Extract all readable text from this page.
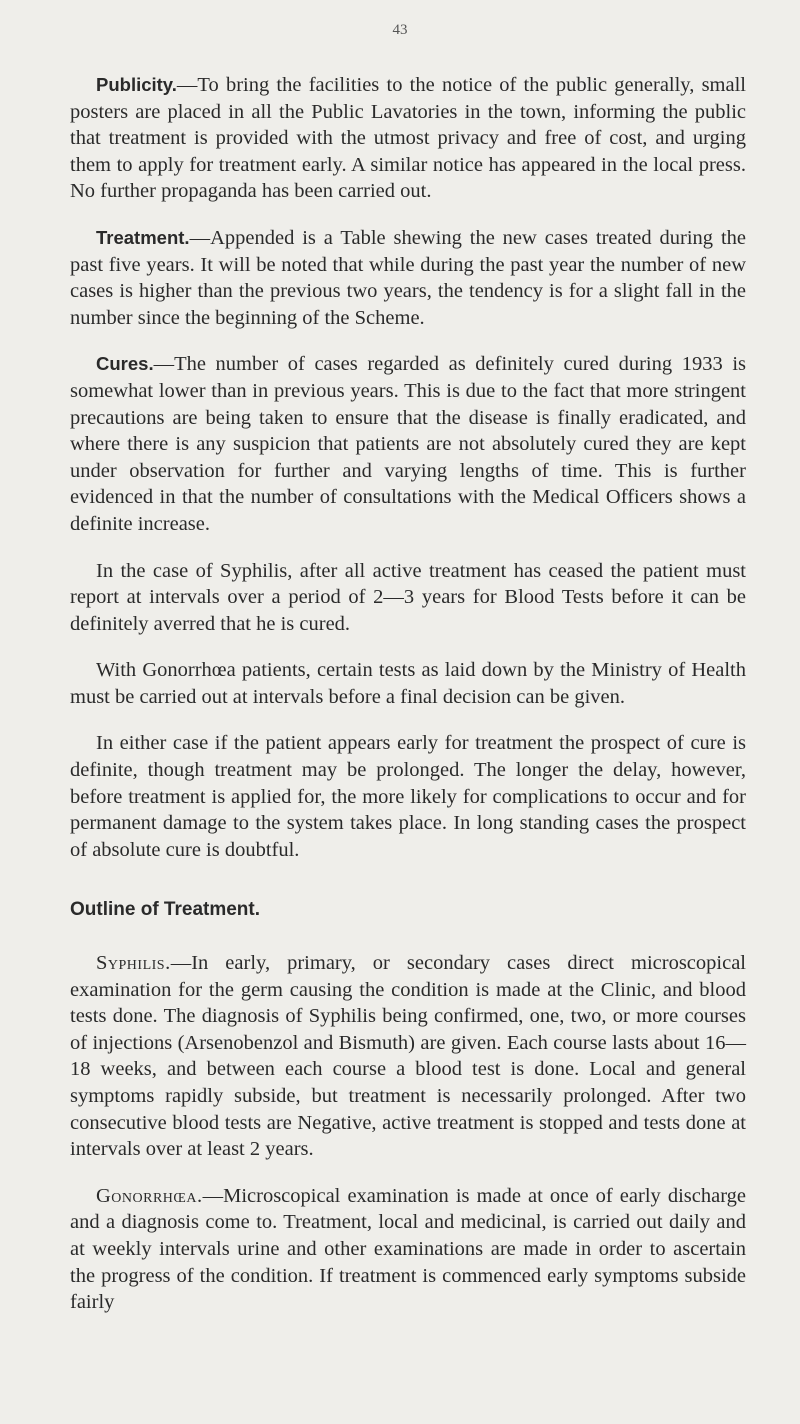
43

Publicity.—To bring the facilities to the notice of the public generally, small posters are placed in all the Public Lavatories in the town, informing the public that treatment is provided with the utmost privacy and free of cost, and urging them to apply for treatment early. A similar notice has appeared in the local press. No further propaganda has been carried out.

Treatment.—Appended is a Table shewing the new cases treated during the past five years. It will be noted that while during the past year the number of new cases is higher than the previous two years, the tendency is for a slight fall in the number since the beginning of the Scheme.

Cures.—The number of cases regarded as definitely cured during 1933 is somewhat lower than in previous years. This is due to the fact that more stringent precautions are being taken to ensure that the disease is finally eradicated, and where there is any suspicion that patients are not absolutely cured they are kept under observation for further and varying lengths of time. This is further evidenced in that the number of consultations with the Medical Officers shows a definite increase.

In the case of Syphilis, after all active treatment has ceased the patient must report at intervals over a period of 2—3 years for Blood Tests before it can be definitely averred that he is cured.

With Gonorrhœa patients, certain tests as laid down by the Ministry of Health must be carried out at intervals before a final decision can be given.

In either case if the patient appears early for treatment the prospect of cure is definite, though treatment may be prolonged. The longer the delay, however, before treatment is applied for, the more likely for complications to occur and for permanent damage to the system takes place. In long standing cases the prospect of absolute cure is doubtful.

Outline of Treatment.

Syphilis.—In early, primary, or secondary cases direct microscopical examination for the germ causing the condition is made at the Clinic, and blood tests done. The diagnosis of Syphilis being confirmed, one, two, or more courses of injections (Arsenobenzol and Bismuth) are given. Each course lasts about 16—18 weeks, and between each course a blood test is done. Local and general symptoms rapidly subside, but treatment is necessarily prolonged. After two consecutive blood tests are Negative, active treatment is stopped and tests done at intervals over at least 2 years.

Gonorrhœa.—Microscopical examination is made at once of early discharge and a diagnosis come to. Treatment, local and medicinal, is carried out daily and at weekly intervals urine and other examinations are made in order to ascertain the progress of the condition. If treatment is commenced early symptoms subside fairly
